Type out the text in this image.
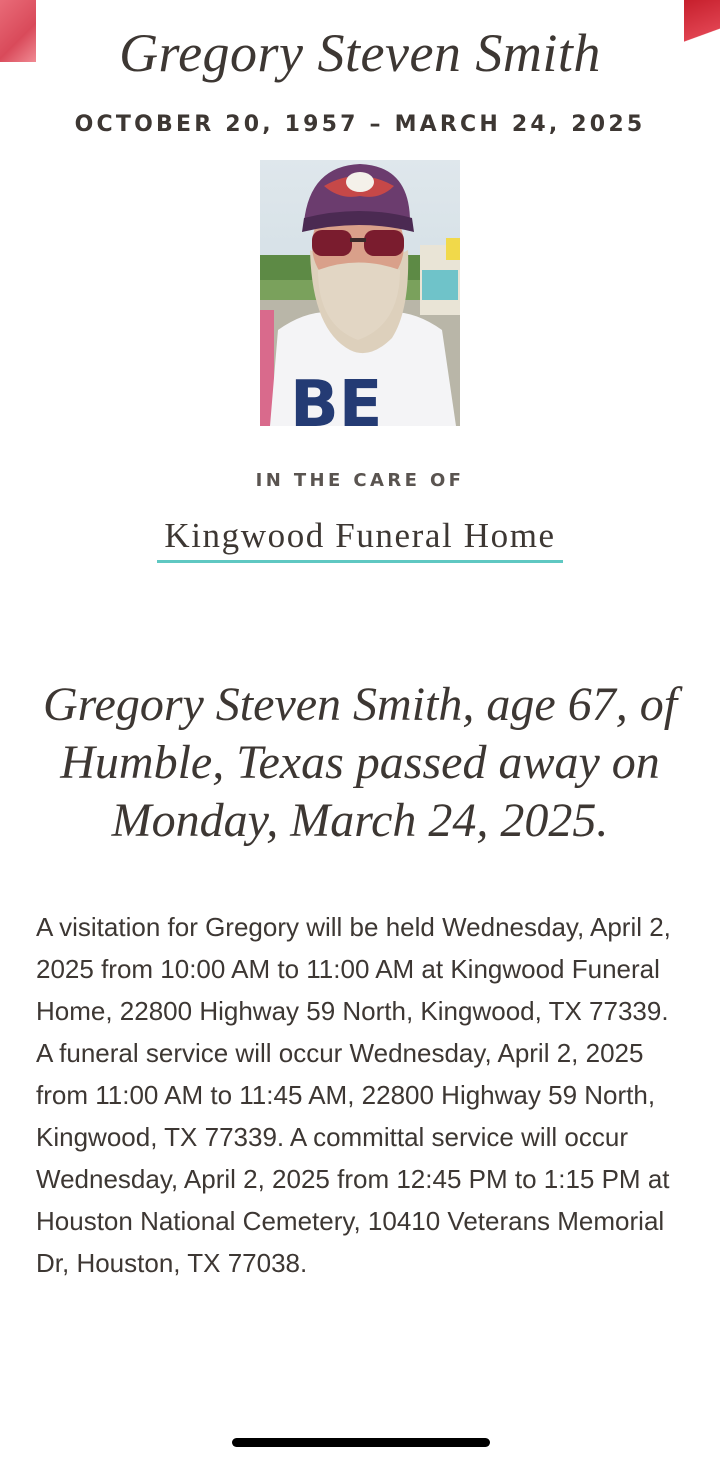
Gregory Steven Smith
OCTOBER 20, 1957 – MARCH 24, 2025
BE
IN THE CARE OF
Kingwood Funeral Home
Gregory Steven Smith, age 67, of Humble, Texas passed away on Monday, March 24, 2025.

A visitation for Gregory will be held Wednesday, April 2, 2025 from 10:00 AM to 11:00 AM at Kingwood Funeral Home, 22800 Highway 59 North, Kingwood, TX 77339. A funeral service will occur Wednesday, April 2, 2025 from 11:00 AM to 11:45 AM, 22800 Highway 59 North, Kingwood, TX 77339. A committal service will occur Wednesday, April 2, 2025 from 12:45 PM to 1:15 PM at Houston National Cemetery, 10410 Veterans Memorial Dr, Houston, TX 77038.
